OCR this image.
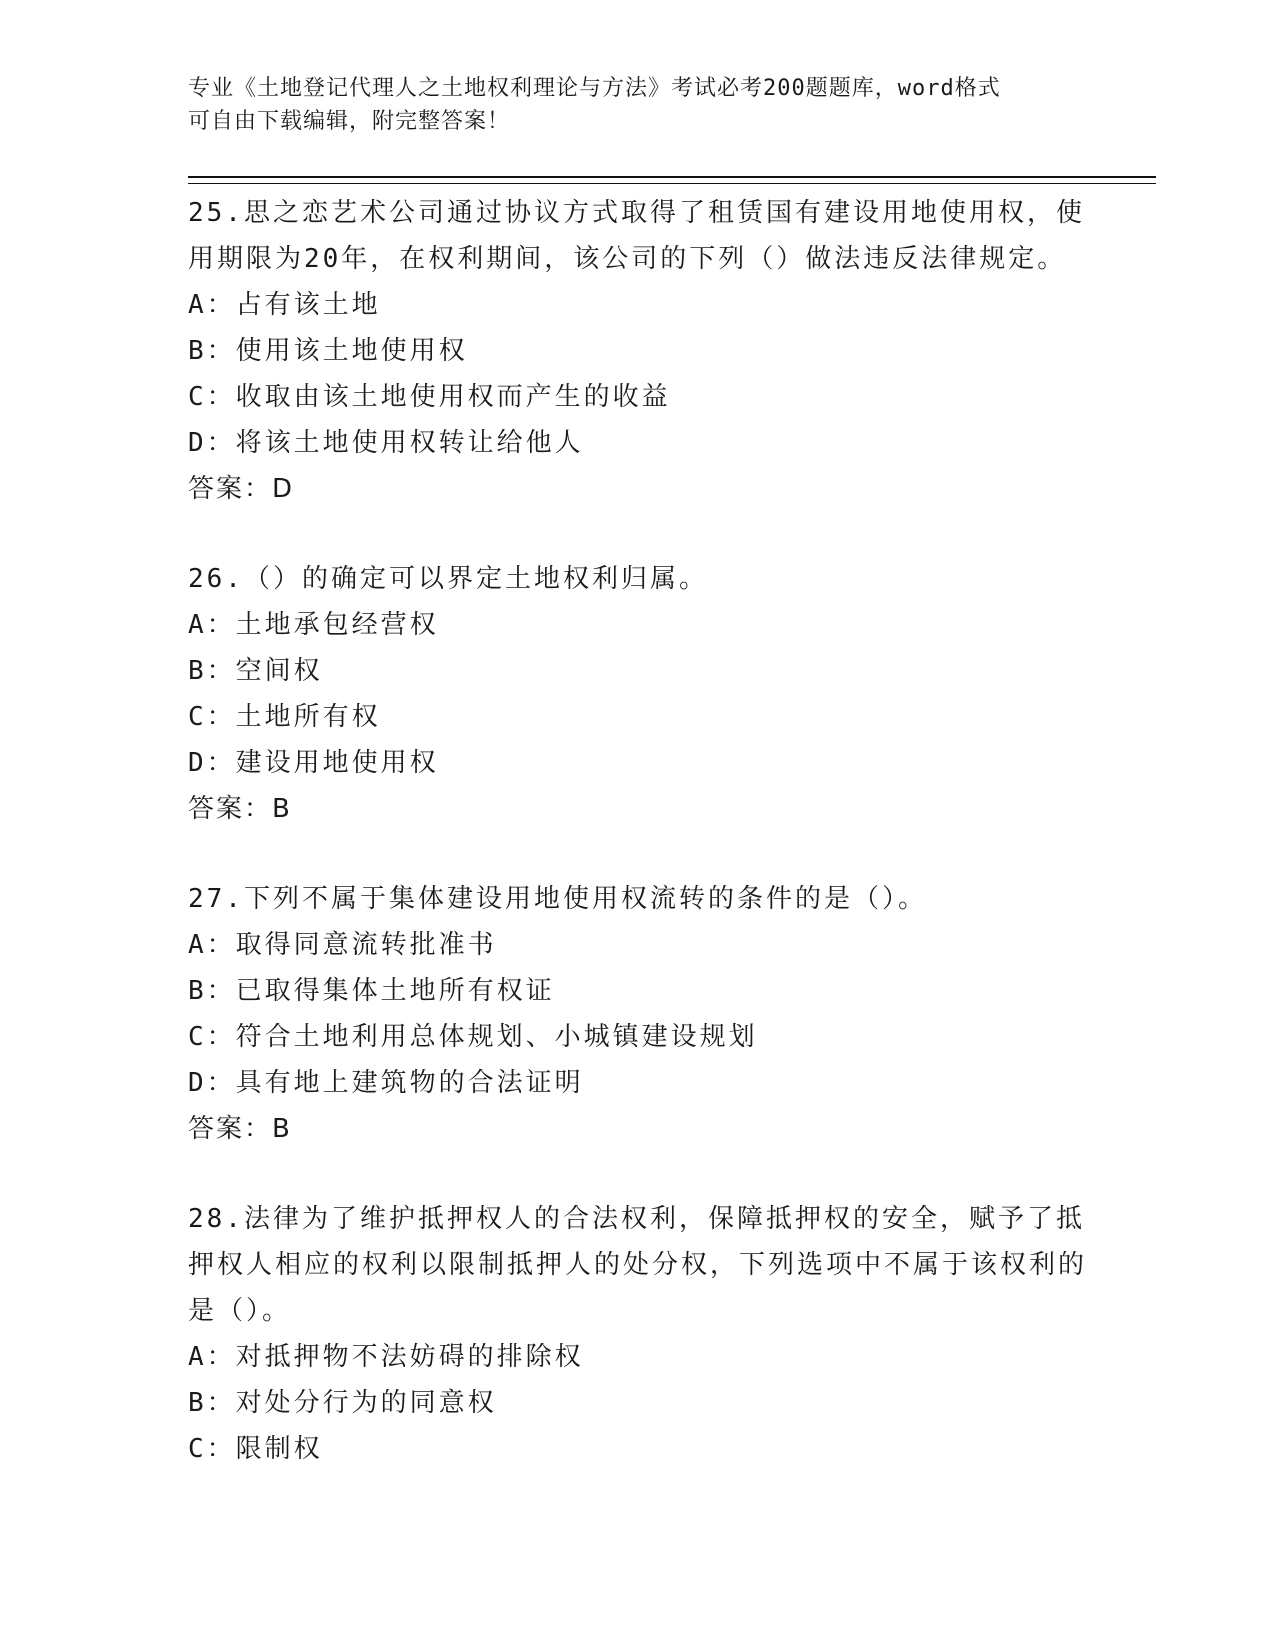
专业《土地登记代理人之土地权利理论与方法》考试必考200题题库，word格式
可自由下载编辑，附完整答案！
25.思之恋艺术公司通过协议方式取得了租赁国有建设用地使用权，使用期限为20年，在权利期间，该公司的下列（）做法违反法律规定。
A：占有该土地
B：使用该土地使用权
C：收取由该土地使用权而产生的收益
D：将该土地使用权转让给他人
答案：D
26.（）的确定可以界定土地权利归属。
A：土地承包经营权
B：空间权
C：土地所有权
D：建设用地使用权
答案：B
27.下列不属于集体建设用地使用权流转的条件的是（）。
A：取得同意流转批准书
B：已取得集体土地所有权证
C：符合土地利用总体规划、小城镇建设规划
D：具有地上建筑物的合法证明
答案：B
28.法律为了维护抵押权人的合法权利，保障抵押权的安全，赋予了抵押权人相应的权利以限制抵押人的处分权，下列选项中不属于该权利的是（）。
A：对抵押物不法妨碍的排除权
B：对处分行为的同意权
C：限制权
